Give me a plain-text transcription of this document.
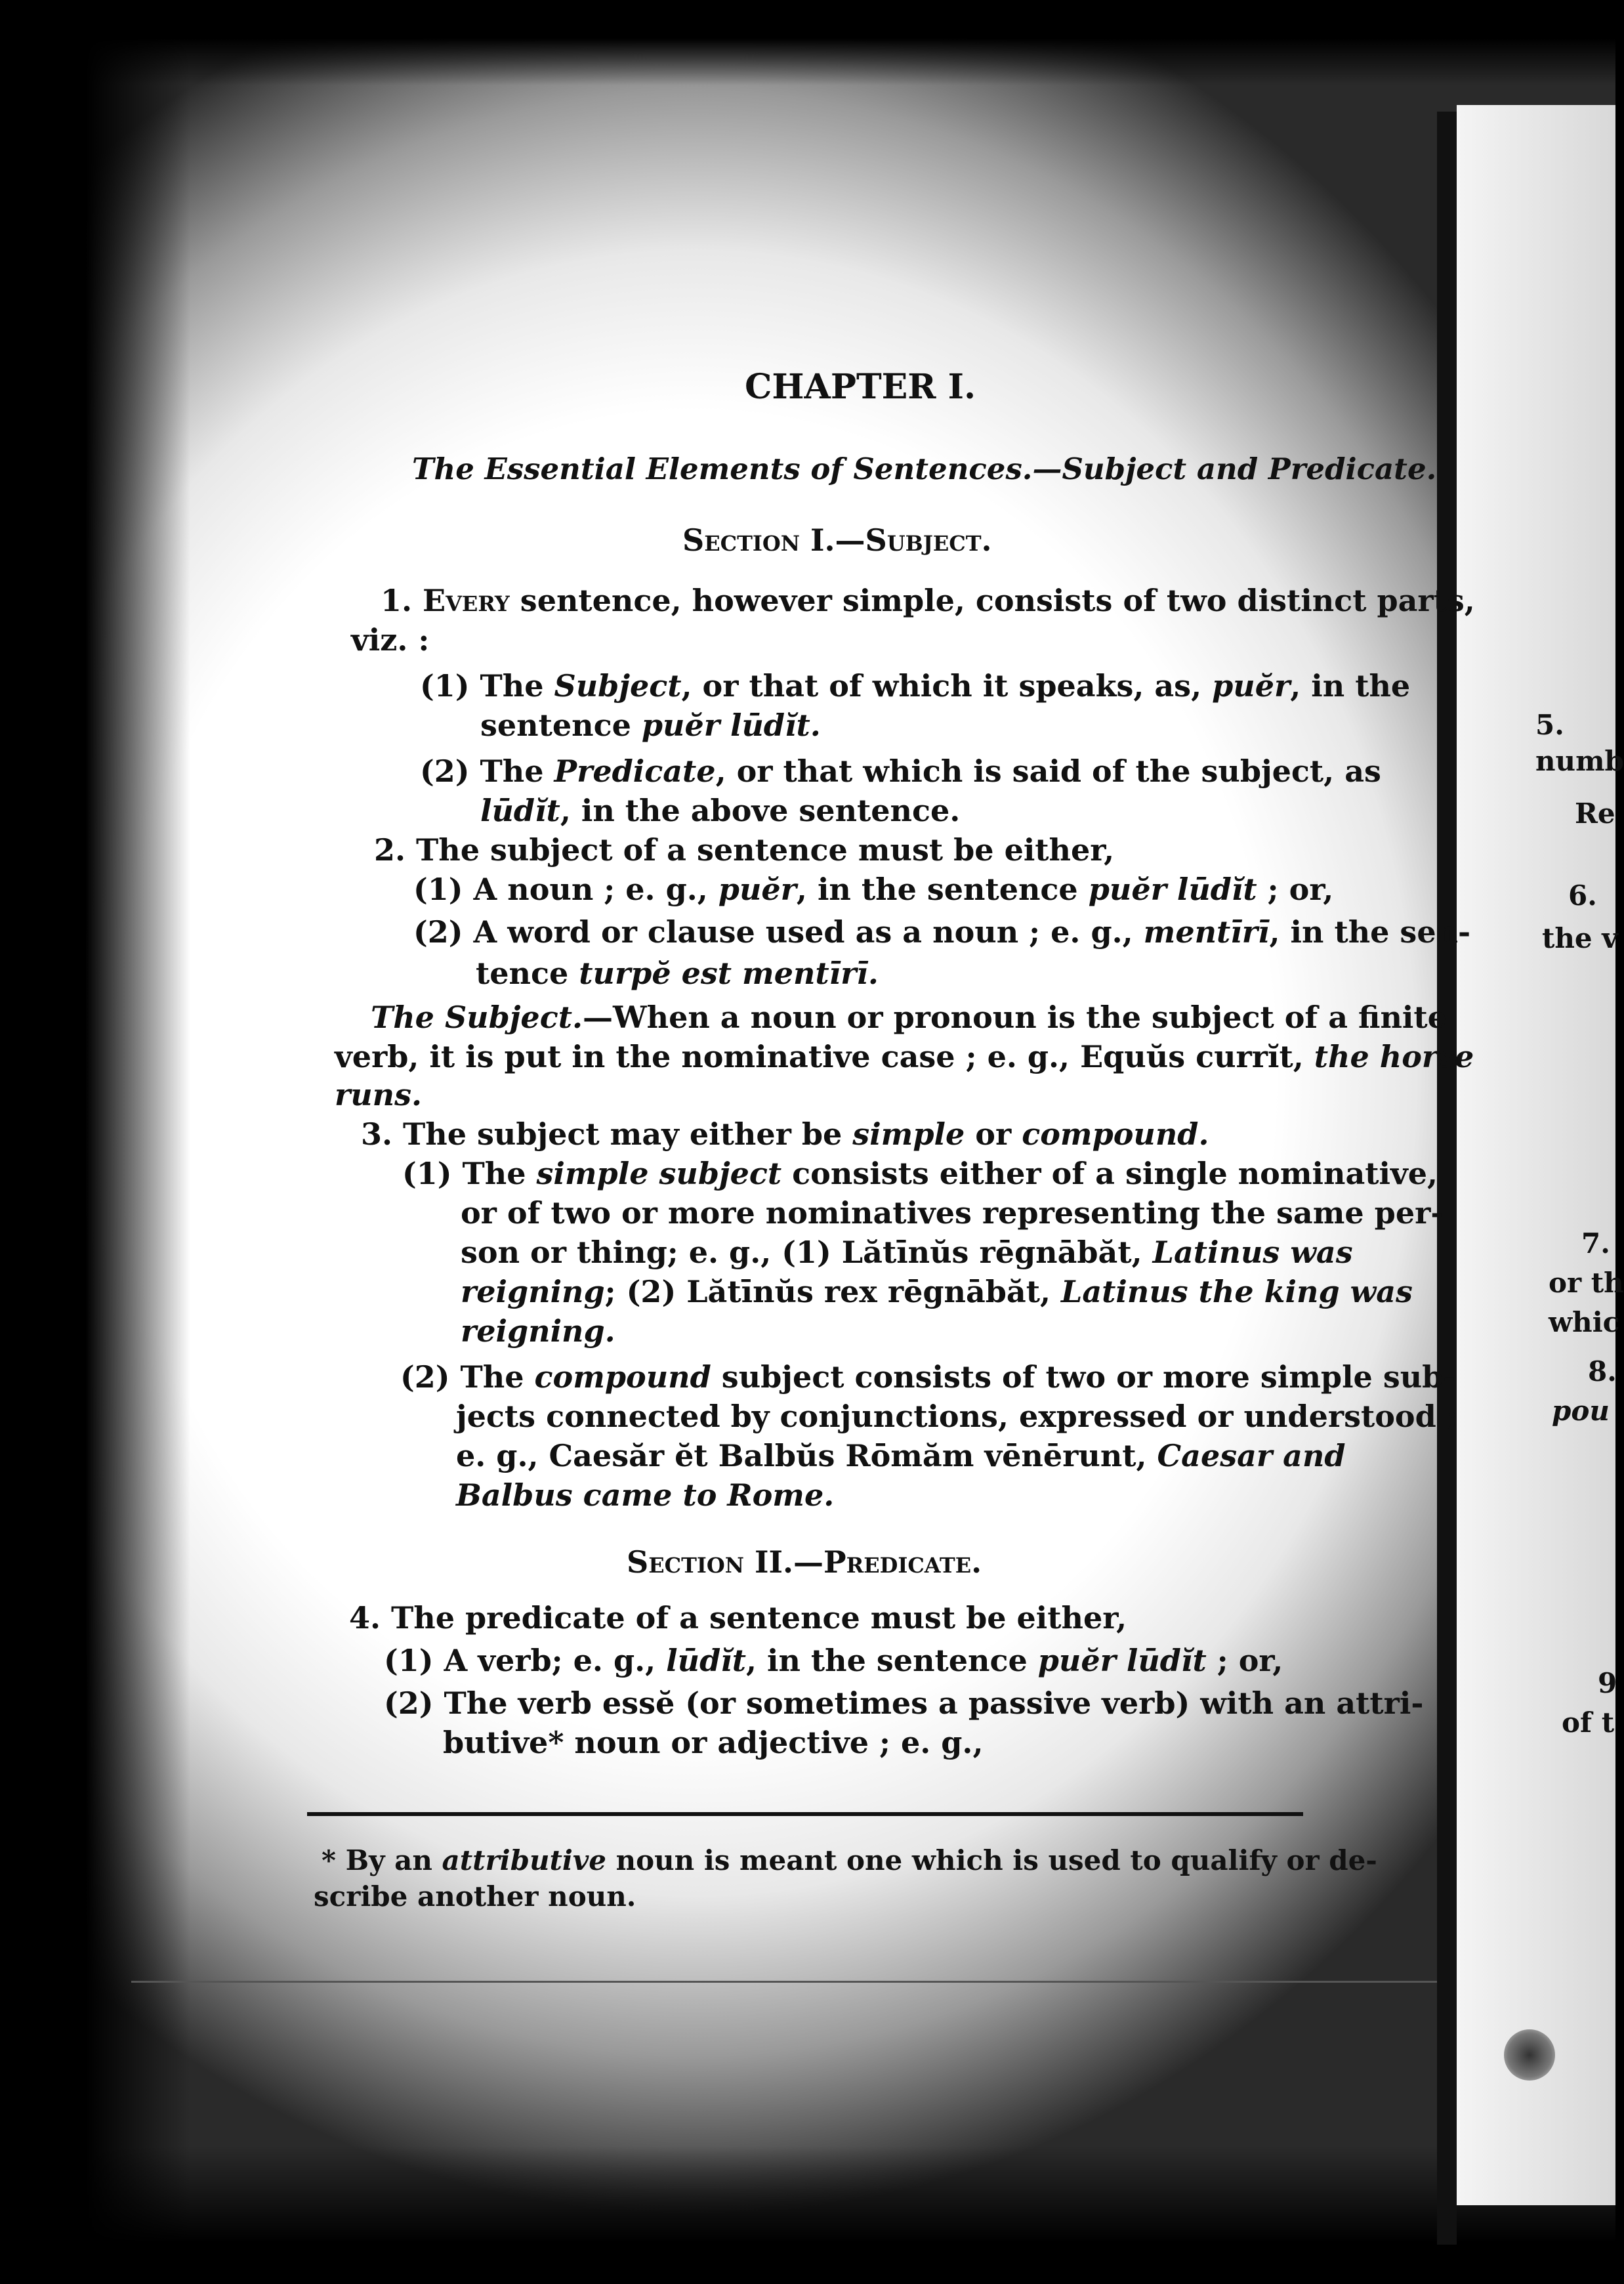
5.
numb
Re
6.
the v
7.
or th
whic
8.
pou
9
of t
CHAPTER I.
The Essential Elements of Sentences.—Subject and Predicate.
Section I.—Subject.
1. Every sentence, however simple, consists of two distinct parts,
viz. :
(1) The Subject, or that of which it speaks, as, puĕr, in the
sentence puĕr lūdĭt.
(2) The Predicate, or that which is said of the subject, as
lūdĭt, in the above sentence.
2. The subject of a sentence must be either,
(1) A noun ; e. g., puĕr, in the sentence puĕr lūdĭt ; or,
(2) A word or clause used as a noun ; e. g., mentīrī, in the sen-
tence turpĕ est mentīrī.
The Subject.—When a noun or pronoun is the subject of a finite
verb, it is put in the nominative case ; e. g., Equŭs currĭt, the horse
runs.
3. The subject may either be simple or compound.
(1) The simple subject consists either of a single nominative,
or of two or more nominatives representing the same per-
son or thing; e. g., (1) Lătīnŭs rēgnābăt, Latinus was
reigning; (2) Lătīnŭs rex rēgnābăt, Latinus the king was
reigning.
(2) The compound subject consists of two or more simple sub-
jects connected by conjunctions, expressed or understood ;
e. g., Caesăr ĕt Balbŭs Rōmăm vēnērunt, Caesar and
Balbus came to Rome.
Section II.—Predicate.
4. The predicate of a sentence must be either,
(1) A verb; e. g., lūdĭt, in the sentence puĕr lūdĭt ; or,
(2) The verb essĕ (or sometimes a passive verb) with an attri-
butive* noun or adjective ; e. g.,
* By an attributive noun is meant one which is used to qualify or de-
scribe another noun.
